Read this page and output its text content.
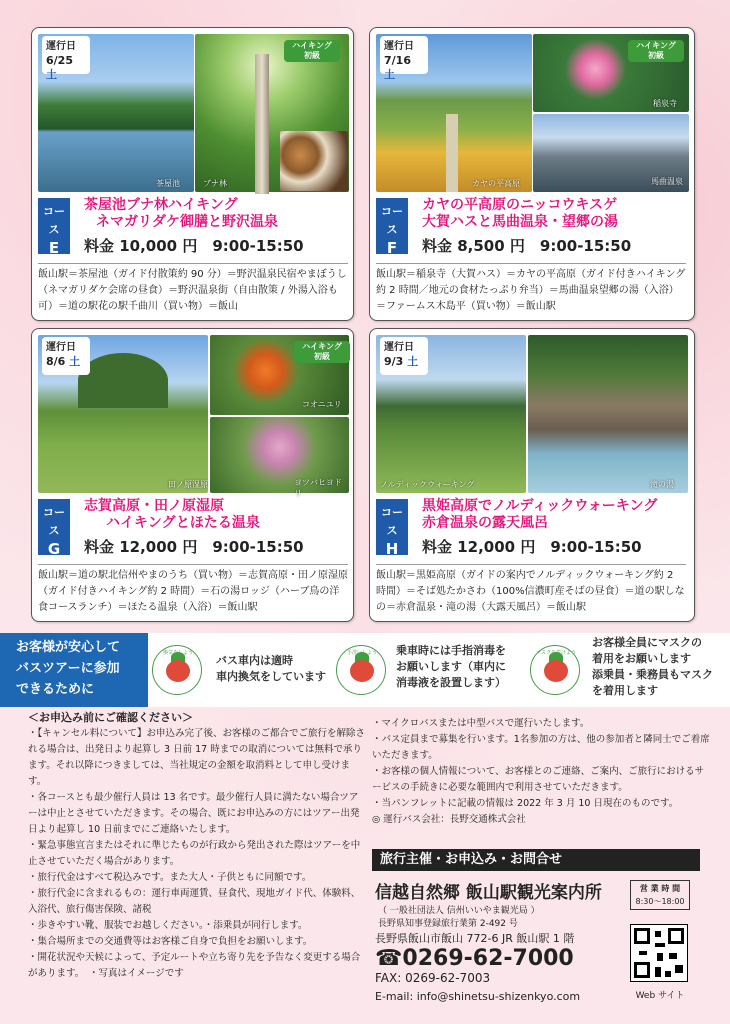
茶屋池
運行日
6/25 土
ブナ林
ハイキング
初級
コース
E
茶屋池ブナ林ハイキング
ネマガリダケ御膳と野沢温泉
料金 10,000 円　9:00-15:50
飯山駅＝茶屋池（ガイド付散策約 90 分）＝野沢温泉民宿やまぼうし（ネマガリダケ会席の昼食）＝野沢温泉街（自由散策 / 外湯入浴も可）＝道の駅花の駅千曲川（買い物）＝飯山
カヤの平高原
運行日
7/16 土
稲泉寺
馬曲温泉
ハイキング
初級
コース
F
カヤの平高原のニッコウキスゲ
大賀ハスと馬曲温泉・望郷の湯
料金 8,500 円　9:00-15:50
飯山駅＝稲泉寺（大賀ハス）＝カヤの平高原（ガイド付きハイキング約 2 時間／地元の食材たっぷり弁当）＝馬曲温泉望郷の湯（入浴）＝ファームス木島平（買い物）＝飯山駅
田ノ原湿原
運行日
8/6 土
コオニユリ
ヨツバヒヨドリ
ハイキング
初級
コース
G
志賀高原・田ノ原湿原
ハイキングとほたる温泉
料金 12,000 円　9:00-15:50
飯山駅＝道の駅北信州やまのうち（買い物）＝志賀高原・田ノ原湿原（ガイド付きハイキング約 2 時間）＝石の湯ロッジ（ハーブ鳥の洋食コースランチ）＝ほたる温泉（入浴）＝飯山駅
ノルディックウォーキング
運行日
9/3 土
滝の湯
コース
H
黒姫高原でノルディックウォーキング
赤倉温泉の露天風呂
料金 12,000 円　9:00-15:50
飯山駅＝黒姫高原（ガイドの案内でノルディックウォーキング約 2 時間）＝そば処たかさわ（100%信濃町産そばの昼食）＝道の駅しなの＝赤倉温泉・滝の湯（大露天風呂）＝飯山駅
お客様が安心して
バスツアーに参加
できるために
換気をしよう
バス車内は適時
車内換気をしています
手洗いしよう	乗車時には手指消毒を
お願いします（車内に
消毒液を設置します）
マスクを着けよう
お客様全員にマスクの
着用をお願いします
添乗員・乗務員もマスク
を着用します
＜お申込み前にご確認ください＞
・【キャンセル料について】お申込み完了後、お客様のご都合でご旅行を解除される場合は、出発日より起算し 3 日前 17 時までの取消については無料で承ります。それ以降につきましては、当社規定の金額を取消料として申し受けます。
・各コースとも最少催行人員は 13 名です。最少催行人員に満たない場合ツアーは中止とさせていただきます。その場合、既にお申込みの方にはツアー出発日より起算し 10 日前までにご連絡いたします。
・緊急事態宣言またはそれに準じたものが行政から発出された際はツアーを中止させていただく場合があります。
・旅行代金はすべて税込みです。また大人・子供ともに同額です。
・旅行代金に含まれるもの：運行車両運賃、昼食代、現地ガイド代、体験料、入浴代、旅行傷害保険、諸税
・歩きやすい靴、服装でお越しください。・添乗員が同行します。
・集合場所までの交通費等はお客様ご自身で負担をお願いします。
・開花状況や天候によって、予定ルートや立ち寄り先を予告なく変更する場合があります。　・写真はイメージです
・マイクロバスまたは中型バスで運行いたします。
・バス定員まで募集を行います。1名参加の方は、他の参加者と隣同士でご着席いただきます。
・お客様の個人情報について、お客様とのご連絡、ご案内、ご旅行におけるサービスの手続きに必要な範囲内で利用させていただきます。
・当パンフレットに記載の情報は 2022 年 3 月 10 日現在のものです。
◎ 運行バス会社：長野交通株式会社
旅行主催・お申込み・お問合せ
信越自然郷 飯山駅観光案内所
（ 一般社団法人 信州いいやま観光局 ）
長野県知事登録旅行業第 2-492 号
長野県飯山市飯山 772-6 JR 飯山駅 1 階
☎0269-62-7000
FAX: 0269-62-7003
E-mail: info@shinetsu-shizenkyo.com
営 業 時 間
8:30〜18:00
Web サイト
